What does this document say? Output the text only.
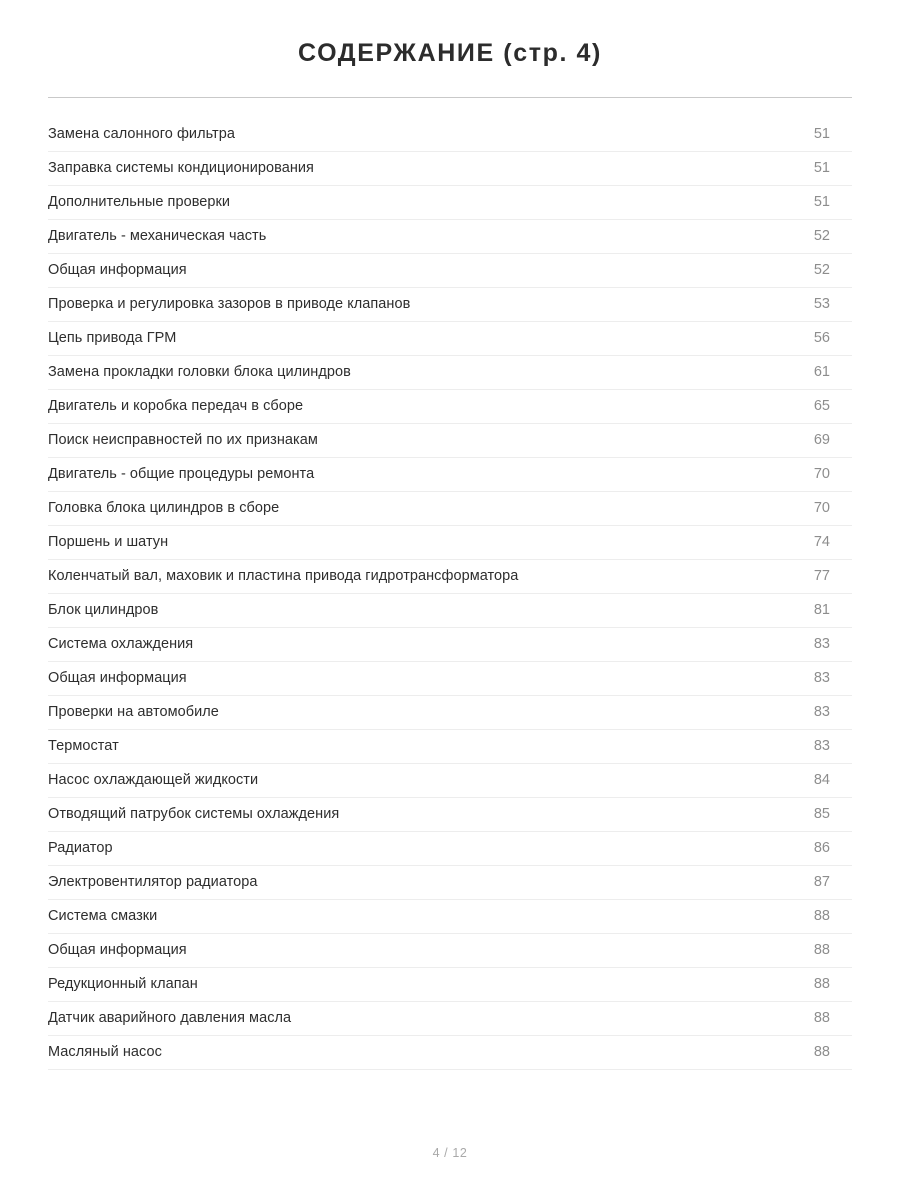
СОДЕРЖАНИЕ (стр. 4)
Замена салонного фильтра	51
Заправка системы кондиционирования	51
Дополнительные проверки	51
Двигатель - механическая часть	52
Общая информация	52
Проверка и регулировка зазоров в приводе клапанов	53
Цепь привода ГРМ	56
Замена прокладки головки блока цилиндров	61
Двигатель и коробка передач в сборе	65
Поиск неисправностей по их признакам	69
Двигатель - общие процедуры ремонта	70
Головка блока цилиндров в сборе	70
Поршень и шатун	74
Коленчатый вал, маховик и пластина привода гидротрансформатора	77
Блок цилиндров	81
Система охлаждения	83
Общая информация	83
Проверки на автомобиле	83
Термостат	83
Насос охлаждающей жидкости	84
Отводящий патрубок системы охлаждения	85
Радиатор	86
Электровентилятор радиатора	87
Система смазки	88
Общая информация	88
Редукционный клапан	88
Датчик аварийного давления масла	88
Масляный насос	88
4 / 12
